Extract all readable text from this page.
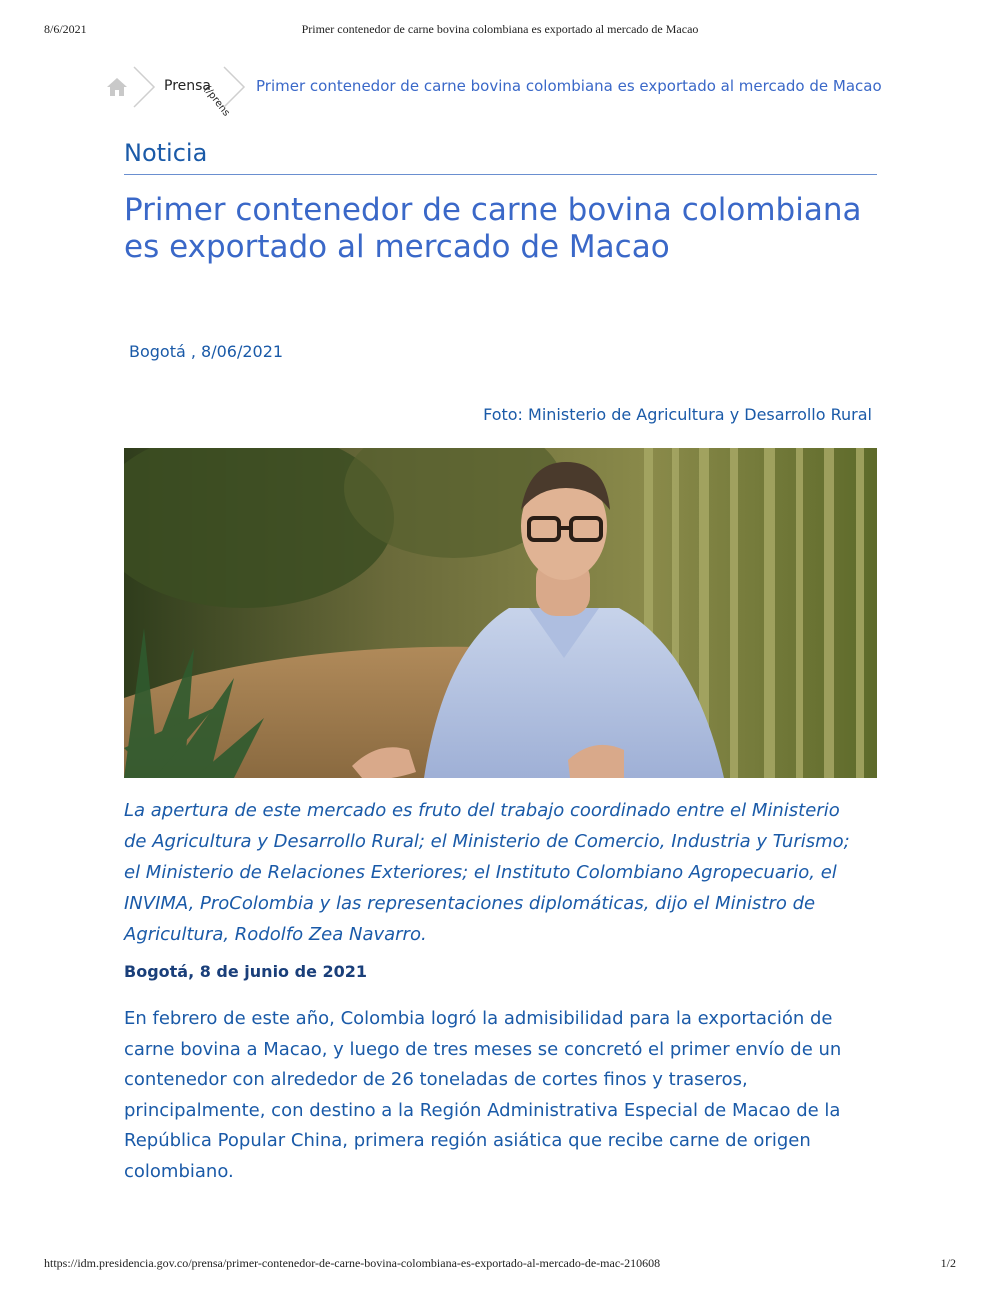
8/6/2021	Primer contenedor de carne bovina colombiana es exportado al mercado de Macao
Prensa
(/prens Primer contenedor de carne bovina colombiana es exportado al mercado de Macao
Noticia
Primer contenedor de carne bovina colombiana es exportado al mercado de Macao
Bogotá , 8/06/2021
Foto: Ministerio de Agricultura y Desarrollo Rural

La apertura de este mercado es fruto del trabajo coordinado entre el Ministerio de Agricultura y Desarrollo Rural; el Ministerio de Comercio, Industria y Turismo; el Ministerio de Relaciones Exteriores; el Instituto Colombiano Agropecuario, el INVIMA, ProColombia y las representaciones diplomáticas, dijo el Ministro de Agricultura, Rodolfo Zea Navarro.

Bogotá, 8 de junio de 2021

En febrero de este año, Colombia logró la admisibilidad para la exportación de carne bovina a Macao, y luego de tres meses se concretó el primer envío de un contenedor con alrededor de 26 toneladas de cortes finos y traseros, principalmente, con destino a la Región Administrativa Especial de Macao de la República Popular China, primera región asiática que recibe carne de origen colombiano.

https://idm.presidencia.gov.co/prensa/primer-contenedor-de-carne-bovina-colombiana-es-exportado-al-mercado-de-mac-210608	1/2
